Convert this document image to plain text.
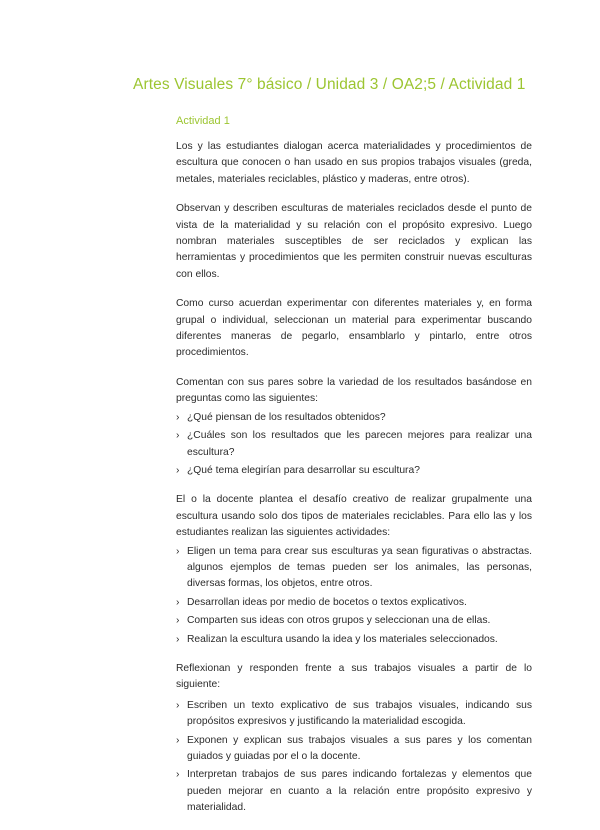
Artes Visuales 7° básico / Unidad 3 / OA2;5 / Actividad 1
Actividad 1

Los y las estudiantes dialogan acerca materialidades y procedimientos de escultura que conocen o han usado en sus propios trabajos visuales (greda, metales, materiales reciclables, plástico y maderas, entre otros).

Observan y describen esculturas de materiales reciclados desde el punto de vista de la materialidad y su relación con el propósito expresivo. Luego nombran materiales susceptibles de ser reciclados y explican las herramientas y procedimientos que les permiten construir nuevas esculturas con ellos.

Como curso acuerdan experimentar con diferentes materiales y, en forma grupal o individual, seleccionan un material para experimentar buscando diferentes maneras de pegarlo, ensamblarlo y pintarlo, entre otros procedimientos.

Comentan con sus pares sobre la variedad de los resultados basándose en preguntas como las siguientes:

› ¿Qué piensan de los resultados obtenidos?
› ¿Cuáles son los resultados que les parecen mejores para realizar una escultura?
› ¿Qué tema elegirían para desarrollar su escultura?

El o la docente plantea el desafío creativo de realizar grupalmente una escultura usando solo dos tipos de materiales reciclables. Para ello las y los estudiantes realizan las siguientes actividades:

› Eligen un tema para crear sus esculturas ya sean figurativas o abstractas. algunos ejemplos de temas pueden ser los animales, las personas, diversas formas, los objetos, entre otros.
› Desarrollan ideas por medio de bocetos o textos explicativos.
› Comparten sus ideas con otros grupos y seleccionan una de ellas.
› Realizan la escultura usando la idea y los materiales seleccionados.

Reflexionan y responden frente a sus trabajos visuales a partir de lo siguiente:

› Escriben un texto explicativo de sus trabajos visuales, indicando sus propósitos expresivos y justificando la materialidad escogida.
› Exponen y explican sus trabajos visuales a sus pares y los comentan guiados y guiadas por el o la docente.
› Interpretan trabajos de sus pares indicando fortalezas y elementos que pueden mejorar en cuanto a la relación entre propósito expresivo y materialidad.
